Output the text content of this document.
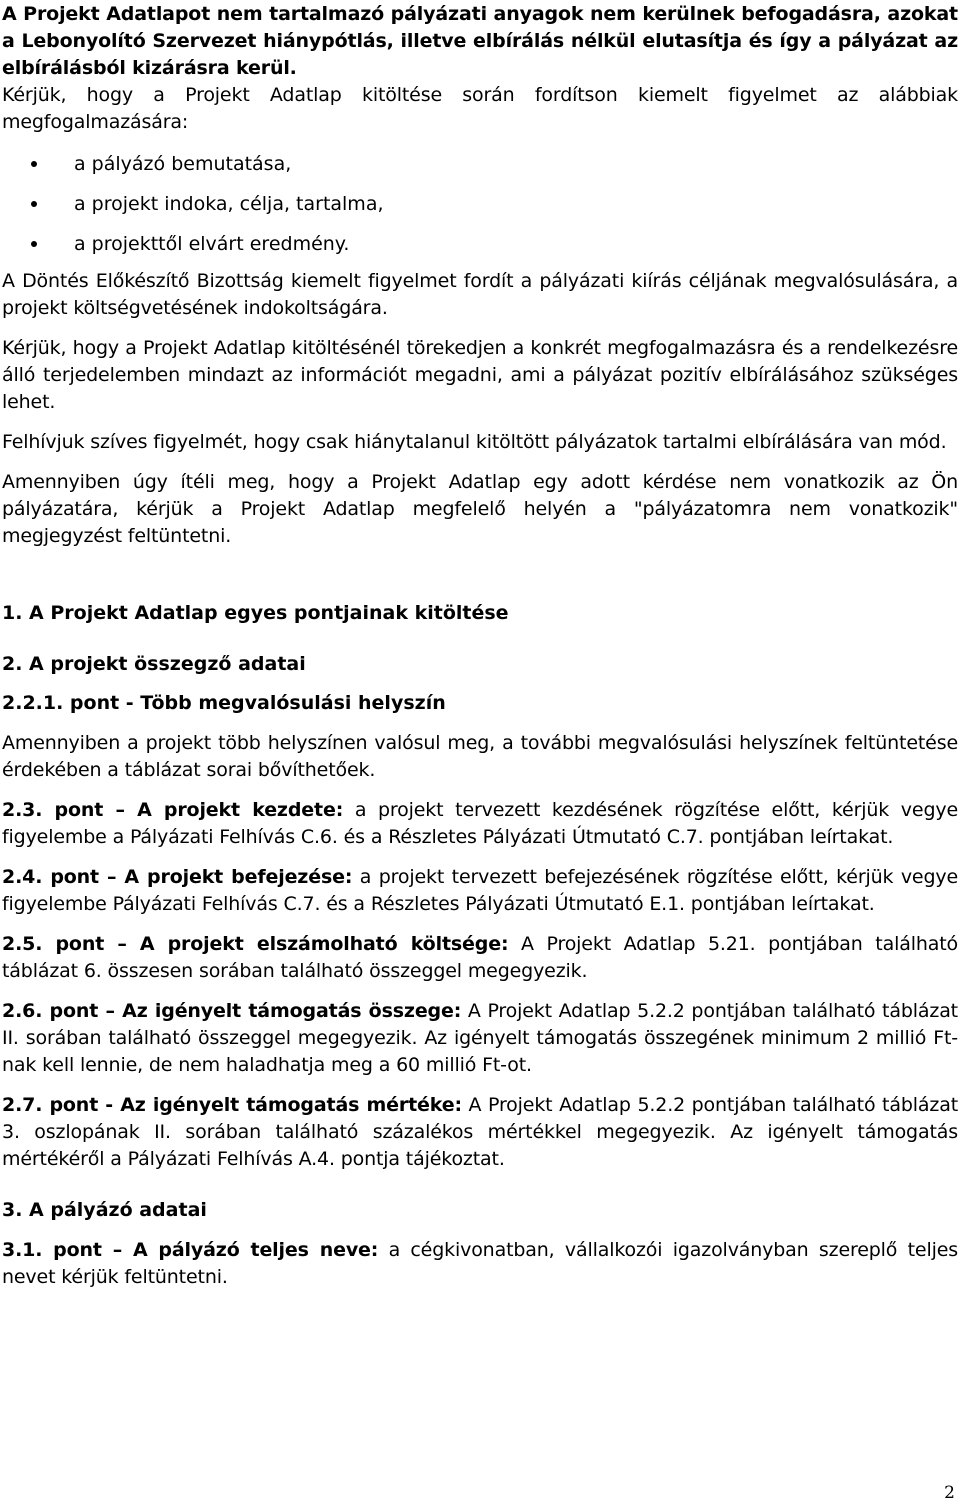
A Projekt Adatlapot nem tartalmazó pályázati anyagok nem kerülnek befogadásra, azokat a Lebonyolító Szervezet hiánypótlás, illetve elbírálás nélkül elutasítja és így a pályázat az elbírálásból kizárásra kerül.

Kérjük, hogy a Projekt Adatlap kitöltése során fordítson kiemelt figyelmet az alábbiak megfogalmazására:

a pályázó bemutatása,
a projekt indoka, célja, tartalma,
a projekttől elvárt eredmény.

A Döntés Előkészítő Bizottság kiemelt figyelmet fordít a pályázati kiírás céljának megvalósulására, a projekt költségvetésének indokoltságára.

Kérjük, hogy a Projekt Adatlap kitöltésénél törekedjen a konkrét megfogalmazásra és a rendelkezésre álló terjedelemben mindazt az információt megadni, ami a pályázat pozitív elbírálásához szükséges lehet.

Felhívjuk szíves figyelmét, hogy csak hiánytalanul kitöltött pályázatok tartalmi elbírálására van mód.

Amennyiben úgy ítéli meg, hogy a Projekt Adatlap egy adott kérdése nem vonatkozik az Ön pályázatára, kérjük a Projekt Adatlap megfelelő helyén a "pályázatomra nem vonatkozik" megjegyzést feltüntetni.

1. A Projekt Adatlap egyes pontjainak kitöltése
2. A projekt összegző adatai
2.2.1. pont - Több megvalósulási helyszín

Amennyiben a projekt több helyszínen valósul meg, a további megvalósulási helyszínek feltüntetése érdekében a táblázat sorai bővíthetőek.

2.3. pont – A projekt kezdete: a projekt tervezett kezdésének rögzítése előtt, kérjük vegye figyelembe a Pályázati Felhívás C.6. és a Részletes Pályázati Útmutató C.7. pontjában leírtakat.

2.4. pont – A projekt befejezése: a projekt tervezett befejezésének rögzítése előtt, kérjük vegye figyelembe Pályázati Felhívás C.7. és a Részletes Pályázati Útmutató E.1. pontjában leírtakat.

2.5. pont – A projekt elszámolható költsége: A Projekt Adatlap 5.21. pontjában található táblázat 6. összesen sorában található összeggel megegyezik.

2.6. pont – Az igényelt támogatás összege: A Projekt Adatlap 5.2.2 pontjában található táblázat II. sorában található összeggel megegyezik. Az igényelt támogatás összegének minimum 2 millió Ft-nak kell lennie, de nem haladhatja meg a 60 millió Ft-ot.

2.7. pont - Az igényelt támogatás mértéke: A Projekt Adatlap 5.2.2 pontjában található táblázat 3. oszlopának II. sorában található százalékos mértékkel megegyezik. Az igényelt támogatás mértékéről a Pályázati Felhívás A.4. pontja tájékoztat.

3. A pályázó adatai

3.1. pont – A pályázó teljes neve: a cégkivonatban, vállalkozói igazolványban szereplő teljes nevet kérjük feltüntetni.

2
